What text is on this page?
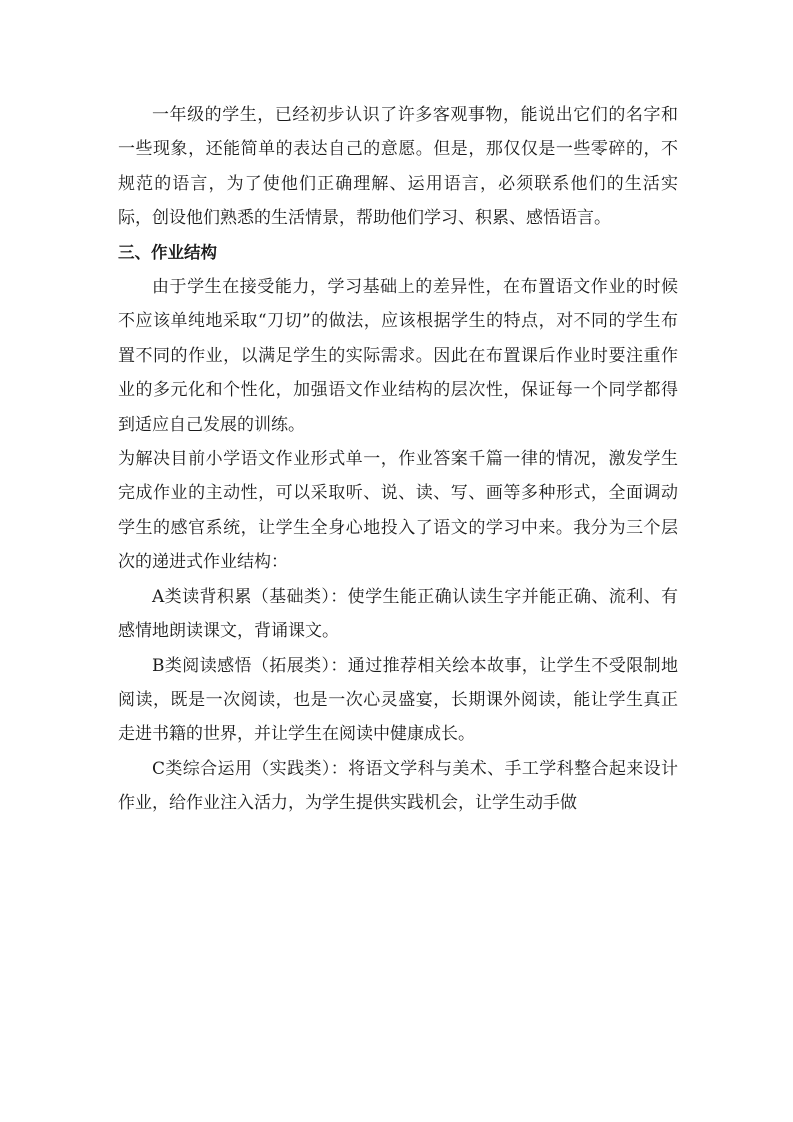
一年级的学生，已经初步认识了许多客观事物，能说出它们的名字和一些现象，还能简单的表达自己的意愿。但是，那仅仅是一些零碎的，不规范的语言，为了使他们正确理解、运用语言，必须联系他们的生活实际，创设他们熟悉的生活情景，帮助他们学习、积累、感悟语言。

三、作业结构

由于学生在接受能力，学习基础上的差异性，在布置语文作业的时候不应该单纯地采取“刀切”的做法，应该根据学生的特点，对不同的学生布置不同的作业，以满足学生的实际需求。因此在布置课后作业时要注重作业的多元化和个性化，加强语文作业结构的层次性，保证每一个同学都得到适应自己发展的训练。

为解决目前小学语文作业形式单一，作业答案千篇一律的情况，激发学生完成作业的主动性，可以采取听、说、读、写、画等多种形式，全面调动学生的感官系统，让学生全身心地投入了语文的学习中来。我分为三个层次的递进式作业结构：

A类读背积累（基础类）：使学生能正确认读生字并能正确、流利、有感情地朗读课文，背诵课文。

B类阅读感悟（拓展类）：通过推荐相关绘本故事，让学生不受限制地阅读，既是一次阅读，也是一次心灵盛宴，长期课外阅读，能让学生真正走进书籍的世界，并让学生在阅读中健康成长。

C类综合运用（实践类）：将语文学科与美术、手工学科整合起来设计作业，给作业注入活力，为学生提供实践机会，让学生动手做
